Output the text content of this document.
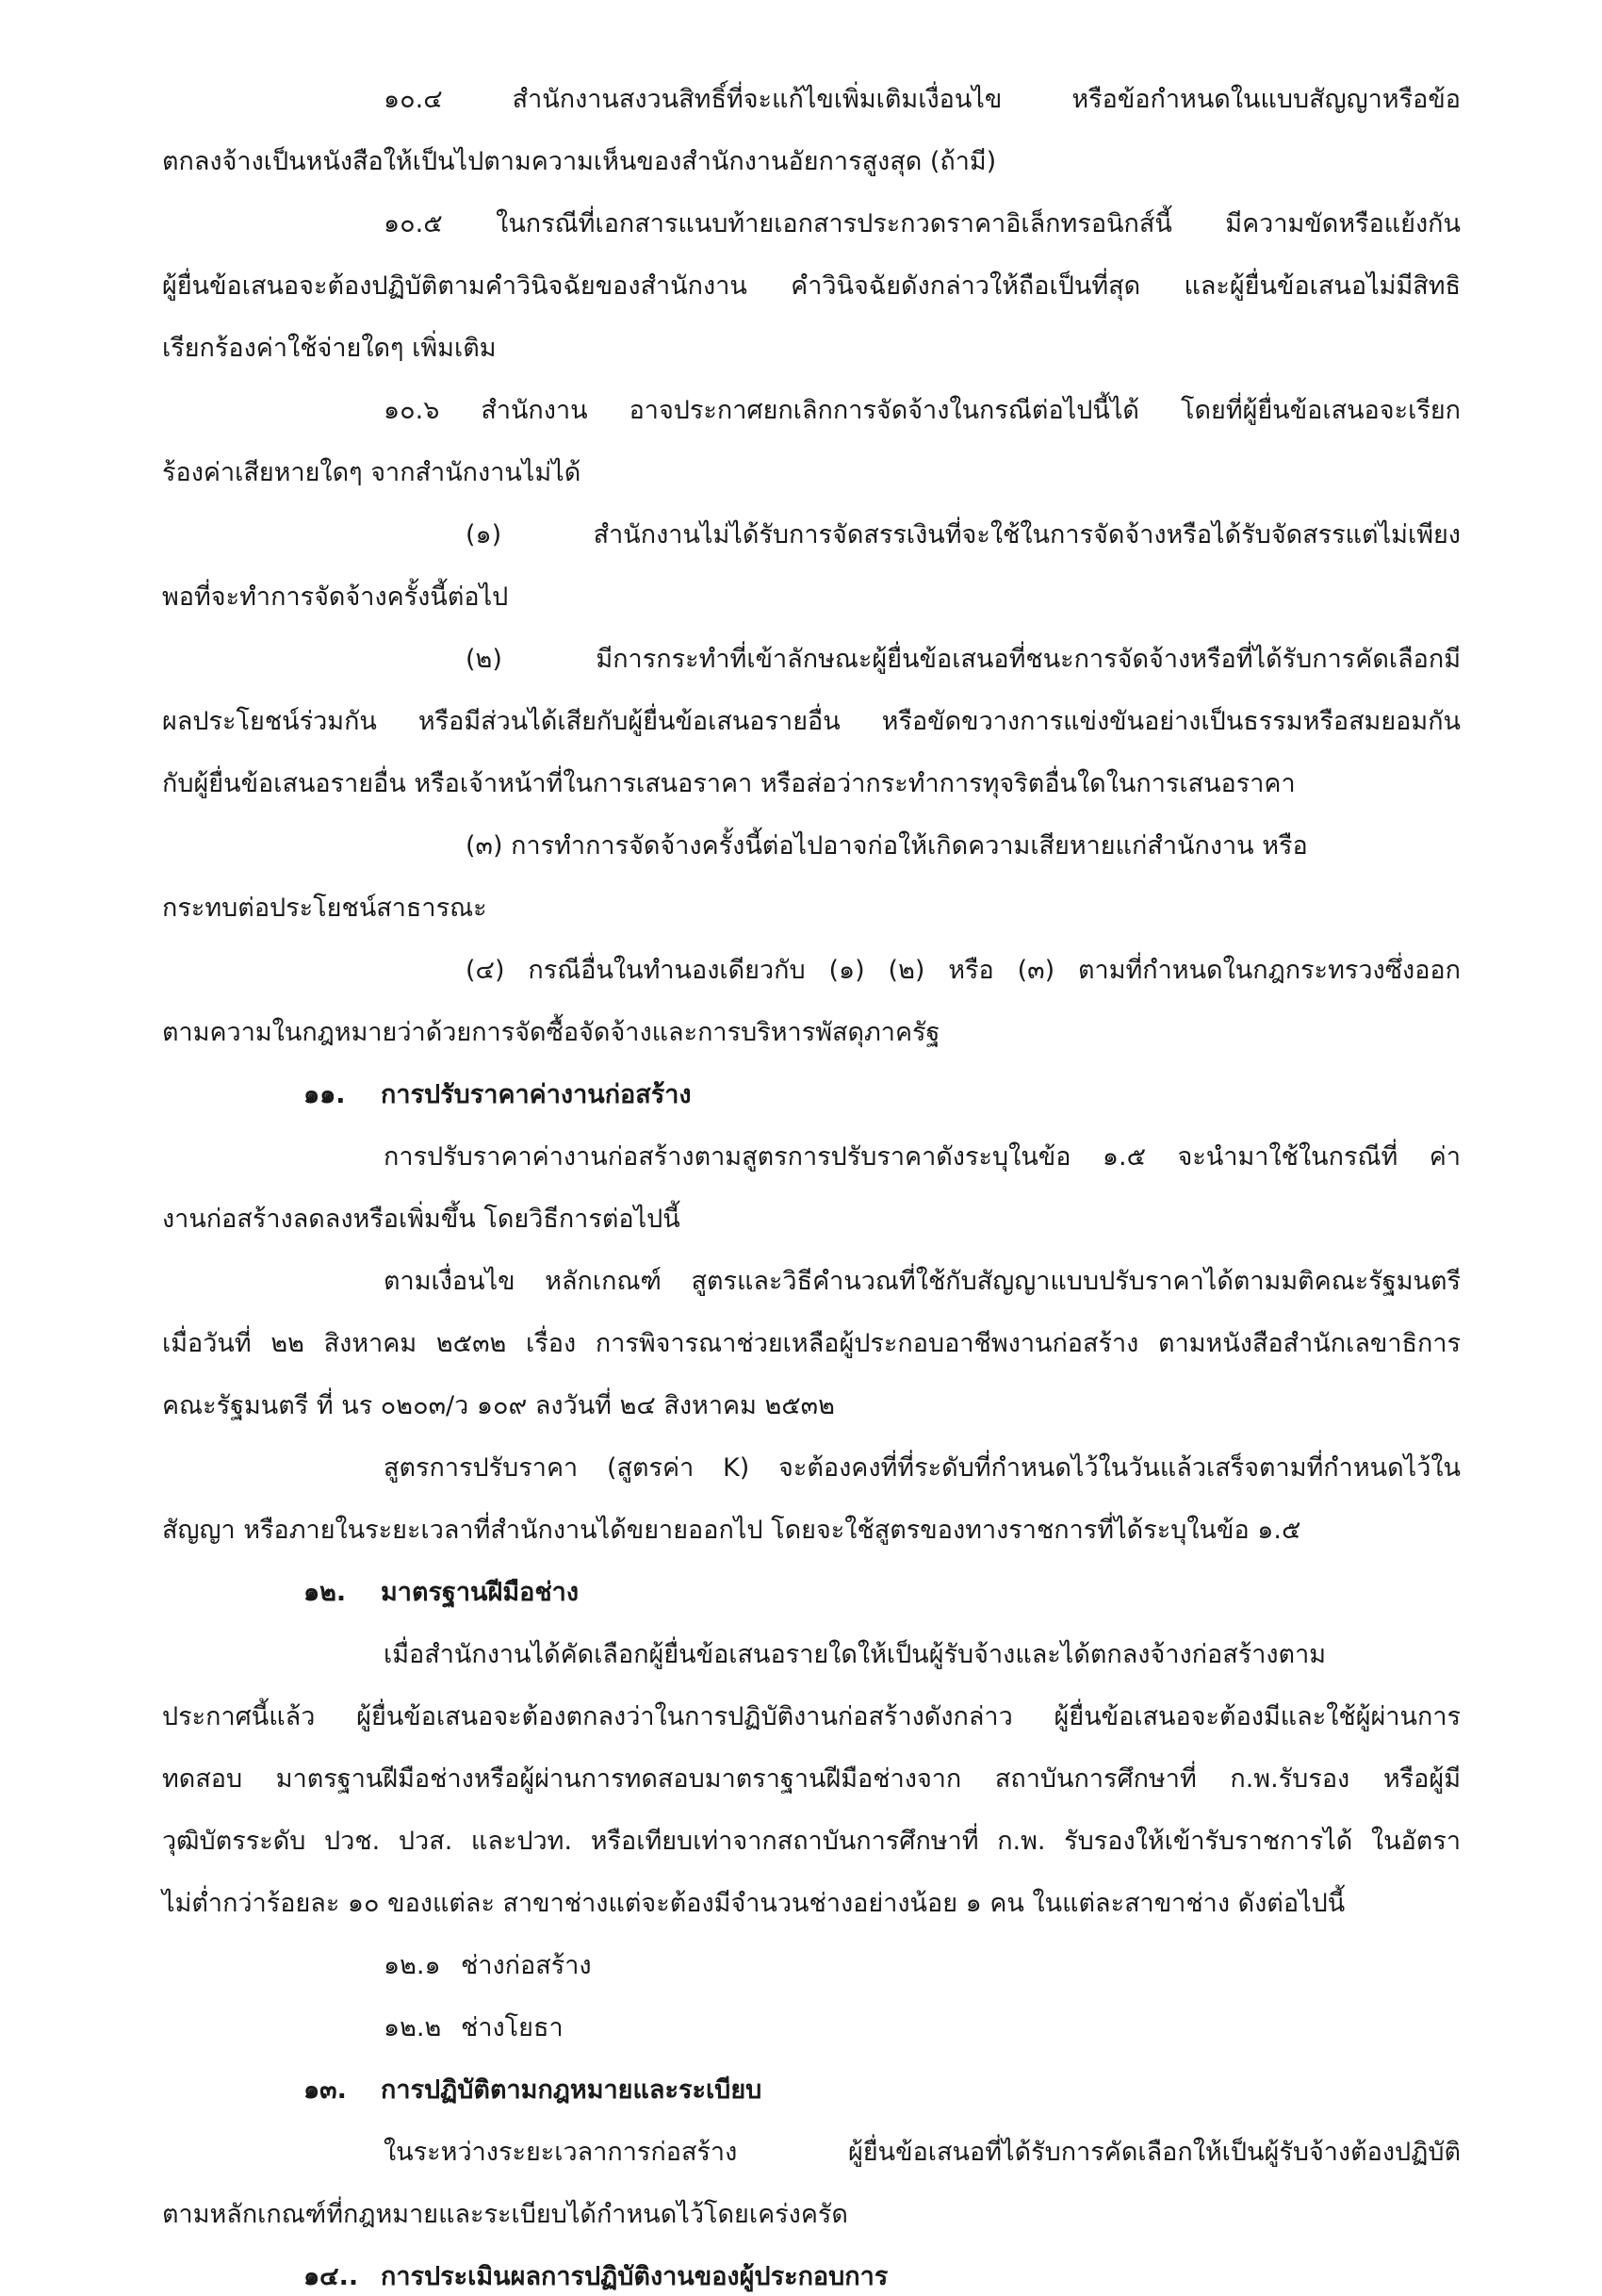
๑๐.๔ สำนักงานสงวนสิทธิ์ที่จะแก้ไขเพิ่มเติมเงื่อนไข หรือข้อกำหนดในแบบสัญญาหรือข้อ
ตกลงจ้างเป็นหนังสือให้เป็นไปตามความเห็นของสำนักงานอัยการสูงสุด (ถ้ามี)
๑๐.๕ ในกรณีที่เอกสารแนบท้ายเอกสารประกวดราคาอิเล็กทรอนิกส์นี้ มีความขัดหรือแย้งกัน
ผู้ยื่นข้อเสนอจะต้องปฏิบัติตามคำวินิจฉัยของสำนักงาน คำวินิจฉัยดังกล่าวให้ถือเป็นที่สุด และผู้ยื่นข้อเสนอไม่มีสิทธิ
เรียกร้องค่าใช้จ่ายใดๆ เพิ่มเติม
๑๐.๖ สำนักงาน อาจประกาศยกเลิกการจัดจ้างในกรณีต่อไปนี้ได้ โดยที่ผู้ยื่นข้อเสนอจะเรียก
ร้องค่าเสียหายใดๆ จากสำนักงานไม่ได้
(๑) สำนักงานไม่ได้รับการจัดสรรเงินที่จะใช้ในการจัดจ้างหรือได้รับจัดสรรแต่ไม่เพียง
พอที่จะทำการจัดจ้างครั้งนี้ต่อไป
(๒) มีการกระทำที่เข้าลักษณะผู้ยื่นข้อเสนอที่ชนะการจัดจ้างหรือที่ได้รับการคัดเลือกมี
ผลประโยชน์ร่วมกัน หรือมีส่วนได้เสียกับผู้ยื่นข้อเสนอรายอื่น หรือขัดขวางการแข่งขันอย่างเป็นธรรมหรือสมยอมกัน
กับผู้ยื่นข้อเสนอรายอื่น หรือเจ้าหน้าที่ในการเสนอราคา หรือส่อว่ากระทำการทุจริตอื่นใดในการเสนอราคา
(๓) การทำการจัดจ้างครั้งนี้ต่อไปอาจก่อให้เกิดความเสียหายแก่สำนักงาน หรือ
กระทบต่อประโยชน์สาธารณะ
(๔) กรณีอื่นในทำนองเดียวกับ (๑) (๒) หรือ (๓) ตามที่กำหนดในกฎกระทรวงซึ่งออก
ตามความในกฎหมายว่าด้วยการจัดซื้อจัดจ้างและการบริหารพัสดุภาครัฐ
๑๑. การปรับราคาค่างานก่อสร้าง
การปรับราคาค่างานก่อสร้างตามสูตรการปรับราคาดังระบุในข้อ ๑.๕ จะนำมาใช้ในกรณีที่ ค่า
งานก่อสร้างลดลงหรือเพิ่มขึ้น โดยวิธีการต่อไปนี้
ตามเงื่อนไข หลักเกณฑ์ สูตรและวิธีคำนวณที่ใช้กับสัญญาแบบปรับราคาได้ตามมติคณะรัฐมนตรี
เมื่อวันที่ ๒๒ สิงหาคม ๒๕๓๒ เรื่อง การพิจารณาช่วยเหลือผู้ประกอบอาชีพงานก่อสร้าง ตามหนังสือสำนักเลขาธิการ
คณะรัฐมนตรี ที่ นร ๐๒๐๓/ว ๑๐๙ ลงวันที่ ๒๔ สิงหาคม ๒๕๓๒
สูตรการปรับราคา (สูตรค่า K) จะต้องคงที่ที่ระดับที่กำหนดไว้ในวันแล้วเสร็จตามที่กำหนดไว้ใน
สัญญา หรือภายในระยะเวลาที่สำนักงานได้ขยายออกไป โดยจะใช้สูตรของทางราชการที่ได้ระบุในข้อ ๑.๕
๑๒. มาตรฐานฝีมือช่าง
เมื่อสำนักงานได้คัดเลือกผู้ยื่นข้อเสนอรายใดให้เป็นผู้รับจ้างและได้ตกลงจ้างก่อสร้างตาม
ประกาศนี้แล้ว ผู้ยื่นข้อเสนอจะต้องตกลงว่าในการปฏิบัติงานก่อสร้างดังกล่าว ผู้ยื่นข้อเสนอจะต้องมีและใช้ผู้ผ่านการ
ทดสอบ มาตรฐานฝีมือช่างหรือผู้ผ่านการทดสอบมาตราฐานฝีมือช่างจาก สถาบันการศึกษาที่ ก.พ.รับรอง หรือผู้มี
วุฒิบัตรระดับ ปวช. ปวส. และปวท. หรือเทียบเท่าจากสถาบันการศึกษาที่ ก.พ. รับรองให้เข้ารับราชการได้ ในอัตรา
ไม่ต่ำกว่าร้อยละ ๑๐ ของแต่ละ สาขาช่างแต่จะต้องมีจำนวนช่างอย่างน้อย ๑ คน ในแต่ละสาขาช่าง ดังต่อไปนี้
๑๒.๑ ช่างก่อสร้าง
๑๒.๒ ช่างโยธา
๑๓. การปฏิบัติตามกฎหมายและระเบียบ
ในระหว่างระยะเวลาการก่อสร้าง ผู้ยื่นข้อเสนอที่ได้รับการคัดเลือกให้เป็นผู้รับจ้างต้องปฏิบัติ
ตามหลักเกณฑ์ที่กฎหมายและระเบียบได้กำหนดไว้โดยเคร่งครัด
๑๔.. การประเมินผลการปฏิบัติงานของผู้ประกอบการ
